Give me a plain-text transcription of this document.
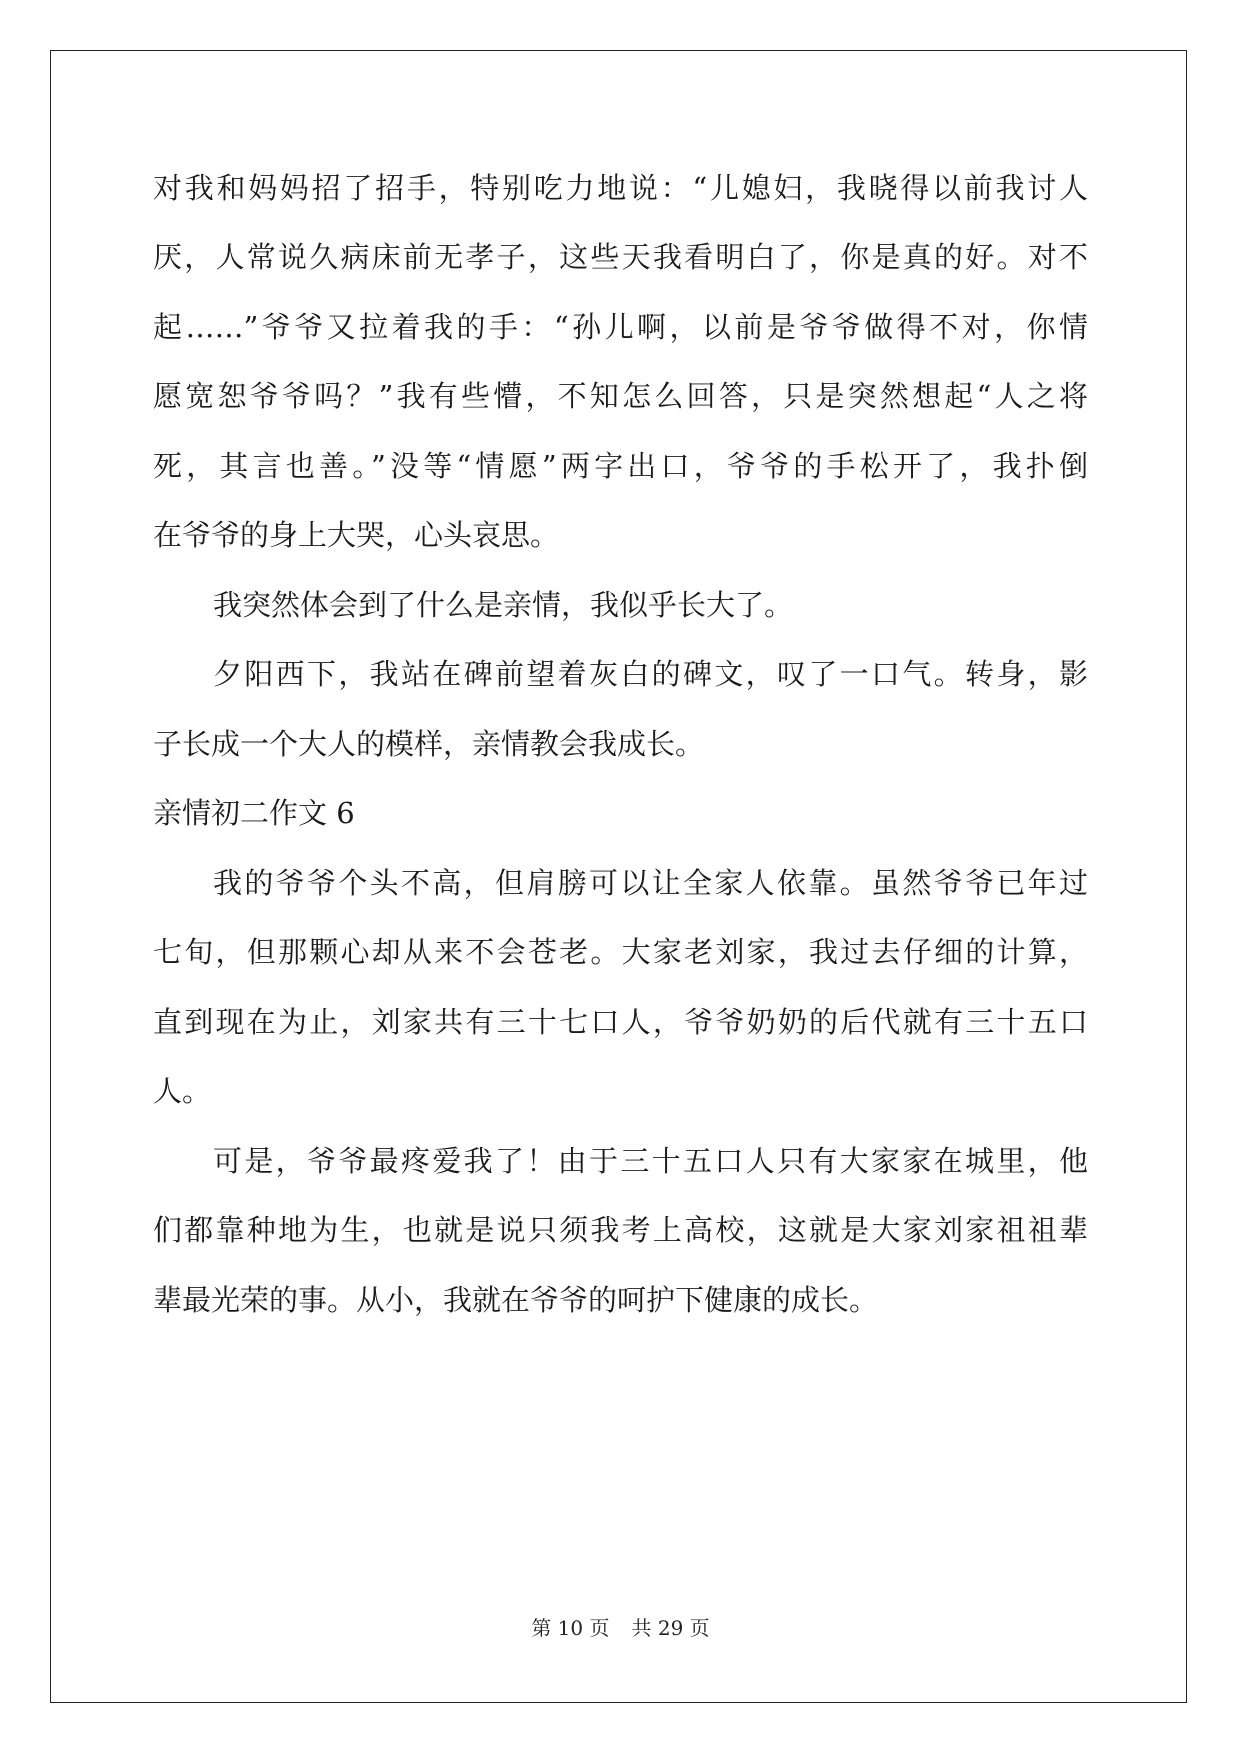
对我和妈妈招了招手，特别吃力地说：“儿媳妇，我晓得以前我讨人
厌，人常说久病床前无孝子，这些天我看明白了，你是真的好。对不
起……”爷爷又拉着我的手：“孙儿啊，以前是爷爷做得不对，你情
愿宽恕爷爷吗？”我有些懵，不知怎么回答，只是突然想起“人之将
死，其言也善。”没等“情愿”两字出口，爷爷的手松开了，我扑倒
在爷爷的身上大哭，心头哀思。
我突然体会到了什么是亲情，我似乎长大了。
夕阳西下，我站在碑前望着灰白的碑文，叹了一口气。转身，影
子长成一个大人的模样，亲情教会我成长。
亲情初二作文 6
我的爷爷个头不高，但肩膀可以让全家人依靠。虽然爷爷已年过
七旬，但那颗心却从来不会苍老。大家老刘家，我过去仔细的计算，
直到现在为止，刘家共有三十七口人，爷爷奶奶的后代就有三十五口
人。
可是，爷爷最疼爱我了！由于三十五口人只有大家家在城里，他
们都靠种地为生，也就是说只须我考上高校，这就是大家刘家祖祖辈
辈最光荣的事。从小，我就在爷爷的呵护下健康的成长。
第 10 页 共 29 页
